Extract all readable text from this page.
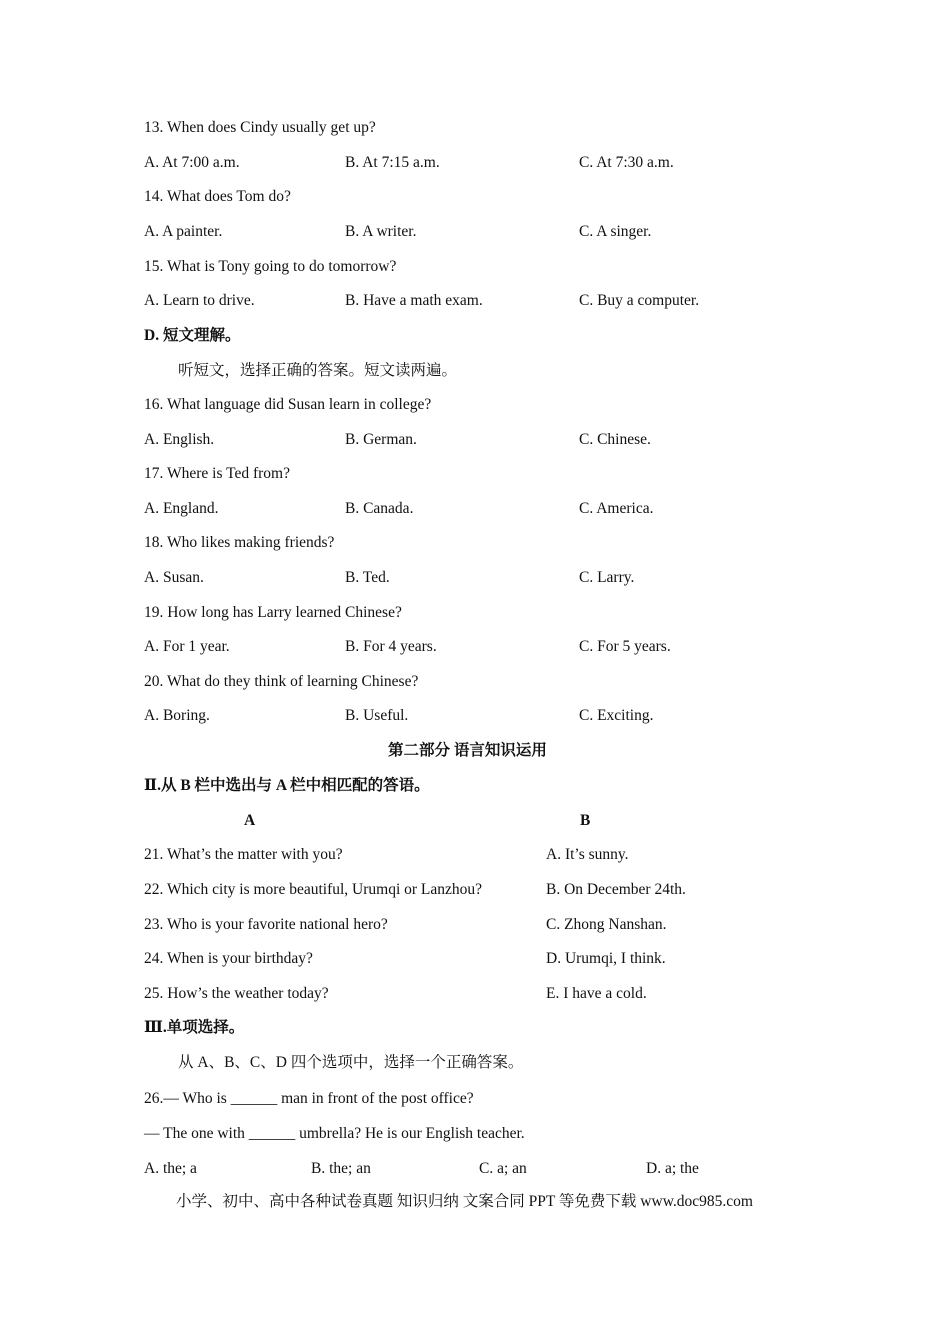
13. When does Cindy usually get up?
A. At 7:00 a.m.	B. At 7:15 a.m.	C. At 7:30 a.m.
14. What does Tom do?
A. A painter.	B. A writer.	C. A singer.
15. What is Tony going to do tomorrow?
A. Learn to drive.	B. Have a math exam.	C. Buy a computer.
D. 短文理解。
听短文，选择正确的答案。短文读两遍。
16. What language did Susan learn in college?
A. English.	B. German.	C. Chinese.
17. Where is Ted from?
A. England.	B. Canada.	C. America.
18. Who likes making friends?
A. Susan.	B. Ted.	C. Larry.
19. How long has Larry learned Chinese?
A. For 1 year.	B. For 4 years.	C. For 5 years.
20. What do they think of learning Chinese?
A. Boring.	B. Useful.	C. Exciting.
第二部分 语言知识运用
Ⅱ.从 B 栏中选出与 A 栏中相匹配的答语。
A	B
21. What’s the matter with you?	A. It’s sunny.
22. Which city is more beautiful, Urumqi or Lanzhou?	B. On December 24th.
23. Who is your favorite national hero?	C. Zhong Nanshan.
24. When is your birthday?	D. Urumqi, I think.
25. How’s the weather today?	E. I have a cold.
Ⅲ.单项选择。
从 A、B、C、D 四个选项中，选择一个正确答案。
26.— Who is ______ man in front of the post office?
— The one with ______ umbrella? He is our English teacher.
A. the; a	B. the; an	C. a; an	D. a; the
小学、初中、高中各种试卷真题 知识归纳 文案合同 PPT 等免费下载 www.doc985.com
